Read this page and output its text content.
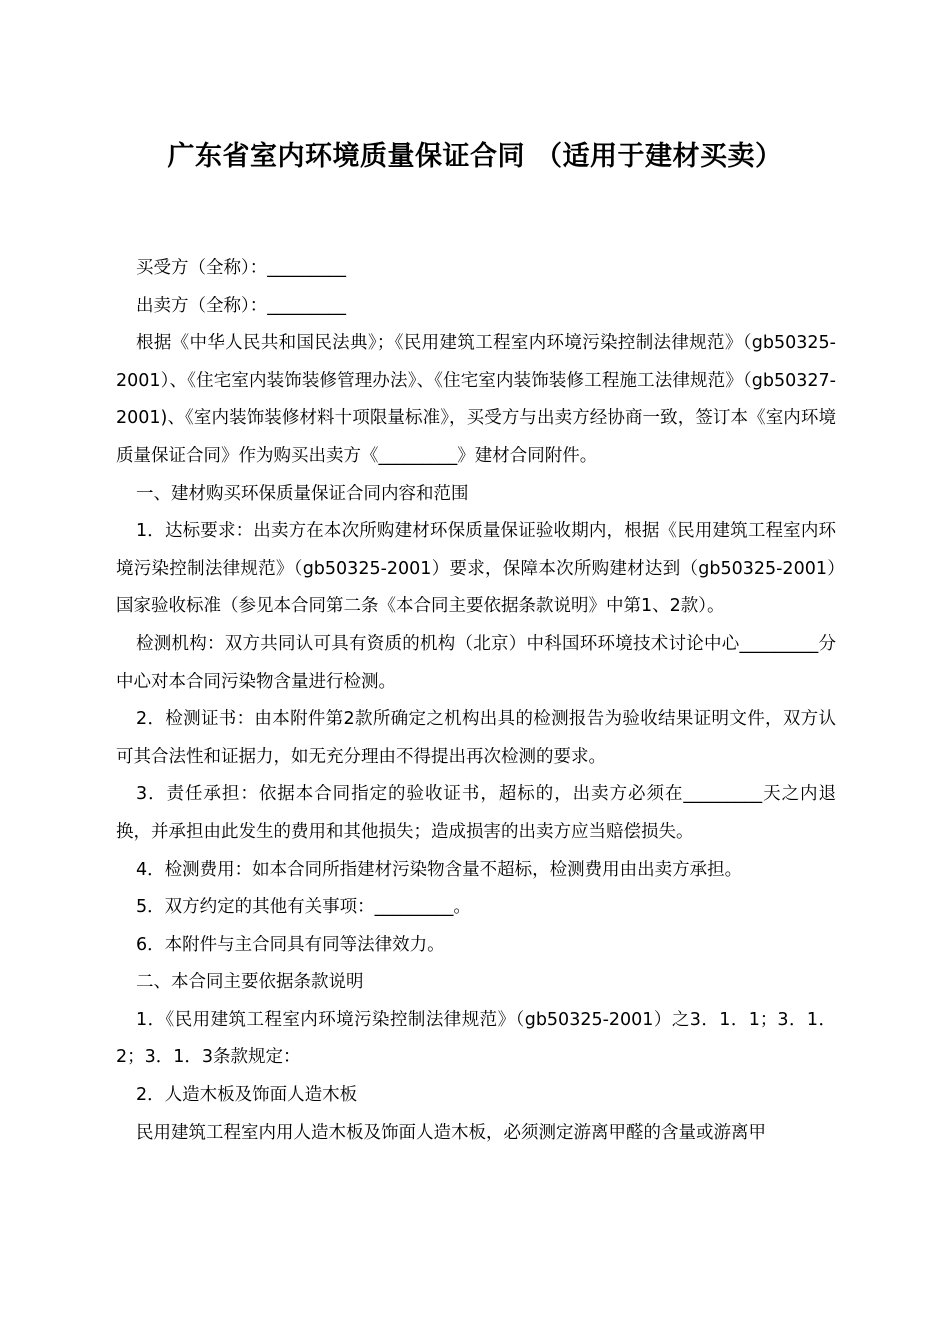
广东省室内环境质量保证合同 （适用于建材买卖）

买受方（全称）：_________

出卖方（全称）：_________

根据《中华人民共和国民法典》；《民用建筑工程室内环境污染控制法律规范》（gb50325-2001）、《住宅室内装饰装修管理办法》、《住宅室内装饰装修工程施工法律规范》（gb50327-2001)、《室内装饰装修材料十项限量标准》，买受方与出卖方经协商一致，签订本《室内环境质量保证合同》作为购买出卖方《_________》建材合同附件。

一、建材购买环保质量保证合同内容和范围

1．达标要求：出卖方在本次所购建材环保质量保证验收期内，根据《民用建筑工程室内环境污染控制法律规范》（gb50325-2001）要求，保障本次所购建材达到（gb50325-2001）国家验收标准（参见本合同第二条《本合同主要依据条款说明》中第1、2款）。

检测机构：双方共同认可具有资质的机构（北京）中科国环环境技术讨论中心_________分中心对本合同污染物含量进行检测。

2．检测证书：由本附件第2款所确定之机构出具的检测报告为验收结果证明文件，双方认可其合法性和证据力，如无充分理由不得提出再次检测的要求。

3．责任承担：依据本合同指定的验收证书，超标的，出卖方必须在_________天之内退换，并承担由此发生的费用和其他损失；造成损害的出卖方应当赔偿损失。

4．检测费用：如本合同所指建材污染物含量不超标，检测费用由出卖方承担。

5．双方约定的其他有关事项：_________。

6．本附件与主合同具有同等法律效力。

二、本合同主要依据条款说明

1．《民用建筑工程室内环境污染控制法律规范》（gb50325-2001）之3．1．1；3．1．2；3．1．3条款规定：

2．人造木板及饰面人造木板

民用建筑工程室内用人造木板及饰面人造木板，必须测定游离甲醛的含量或游离甲
